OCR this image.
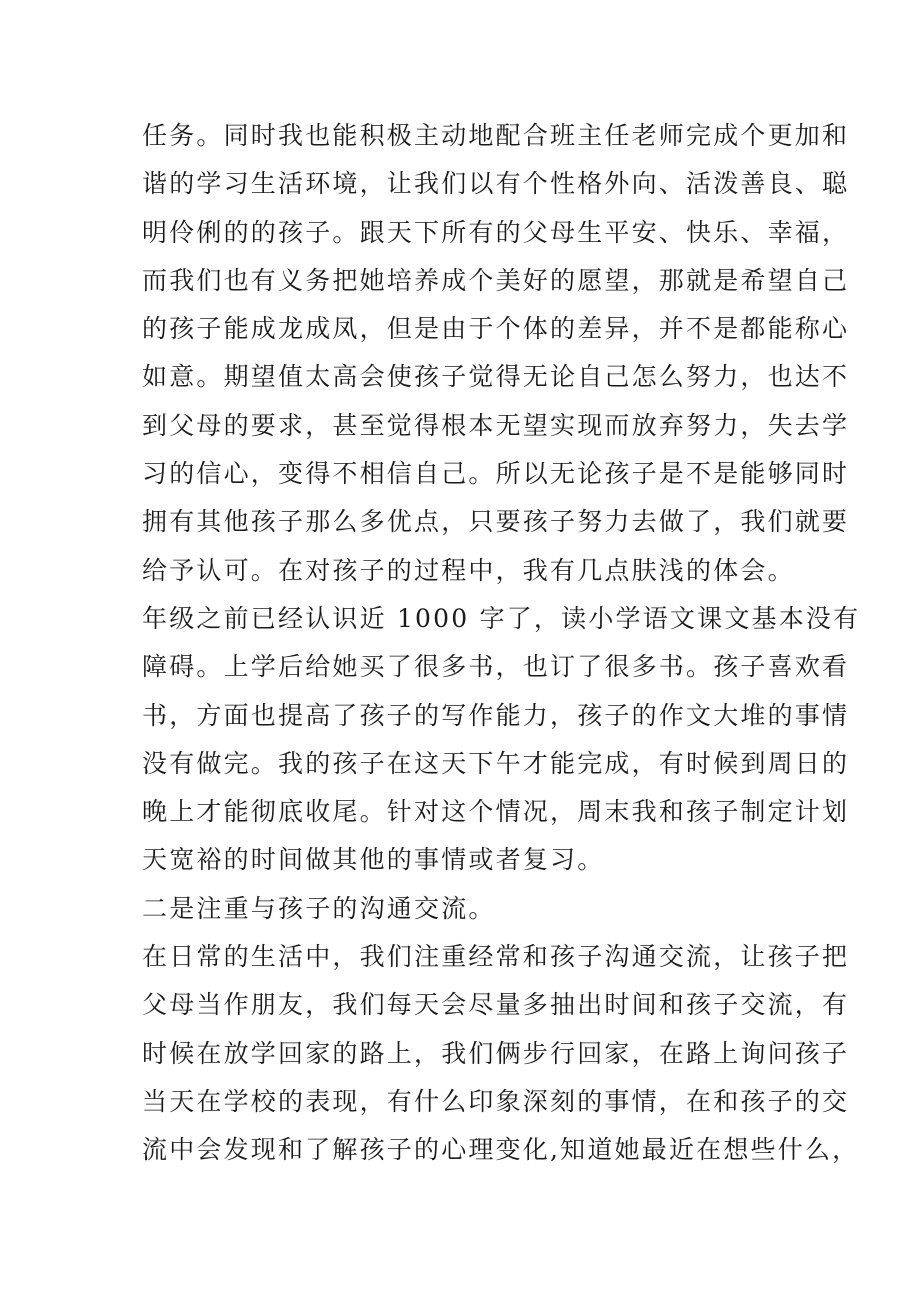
任务。同时我也能积极主动地配合班主任老师完成个更加和
谐的学习生活环境，让我们以有个性格外向、活泼善良、聪
明伶俐的的孩子。跟天下所有的父母生平安、快乐、幸福，
而我们也有义务把她培养成个美好的愿望，那就是希望自己
的孩子能成龙成凤，但是由于个体的差异，并不是都能称心
如意。期望值太高会使孩子觉得无论自己怎么努力，也达不
到父母的要求，甚至觉得根本无望实现而放弃努力，失去学
习的信心，变得不相信自己。所以无论孩子是不是能够同时
拥有其他孩子那么多优点，只要孩子努力去做了，我们就要
给予认可。在对孩子的过程中，我有几点肤浅的体会。
年级之前已经认识近 1000 字了，读小学语文课文基本没有
障碍。上学后给她买了很多书，也订了很多书。孩子喜欢看
书，方面也提高了孩子的写作能力，孩子的作文大堆的事情
没有做完。我的孩子在这天下午才能完成，有时候到周日的
晚上才能彻底收尾。针对这个情况，周末我和孩子制定计划
天宽裕的时间做其他的事情或者复习。
二是注重与孩子的沟通交流。
在日常的生活中，我们注重经常和孩子沟通交流，让孩子把
父母当作朋友，我们每天会尽量多抽出时间和孩子交流，有
时候在放学回家的路上，我们俩步行回家，在路上询问孩子
当天在学校的表现，有什么印象深刻的事情，在和孩子的交
流中会发现和了解孩子的心理变化,知道她最近在想些什么，
